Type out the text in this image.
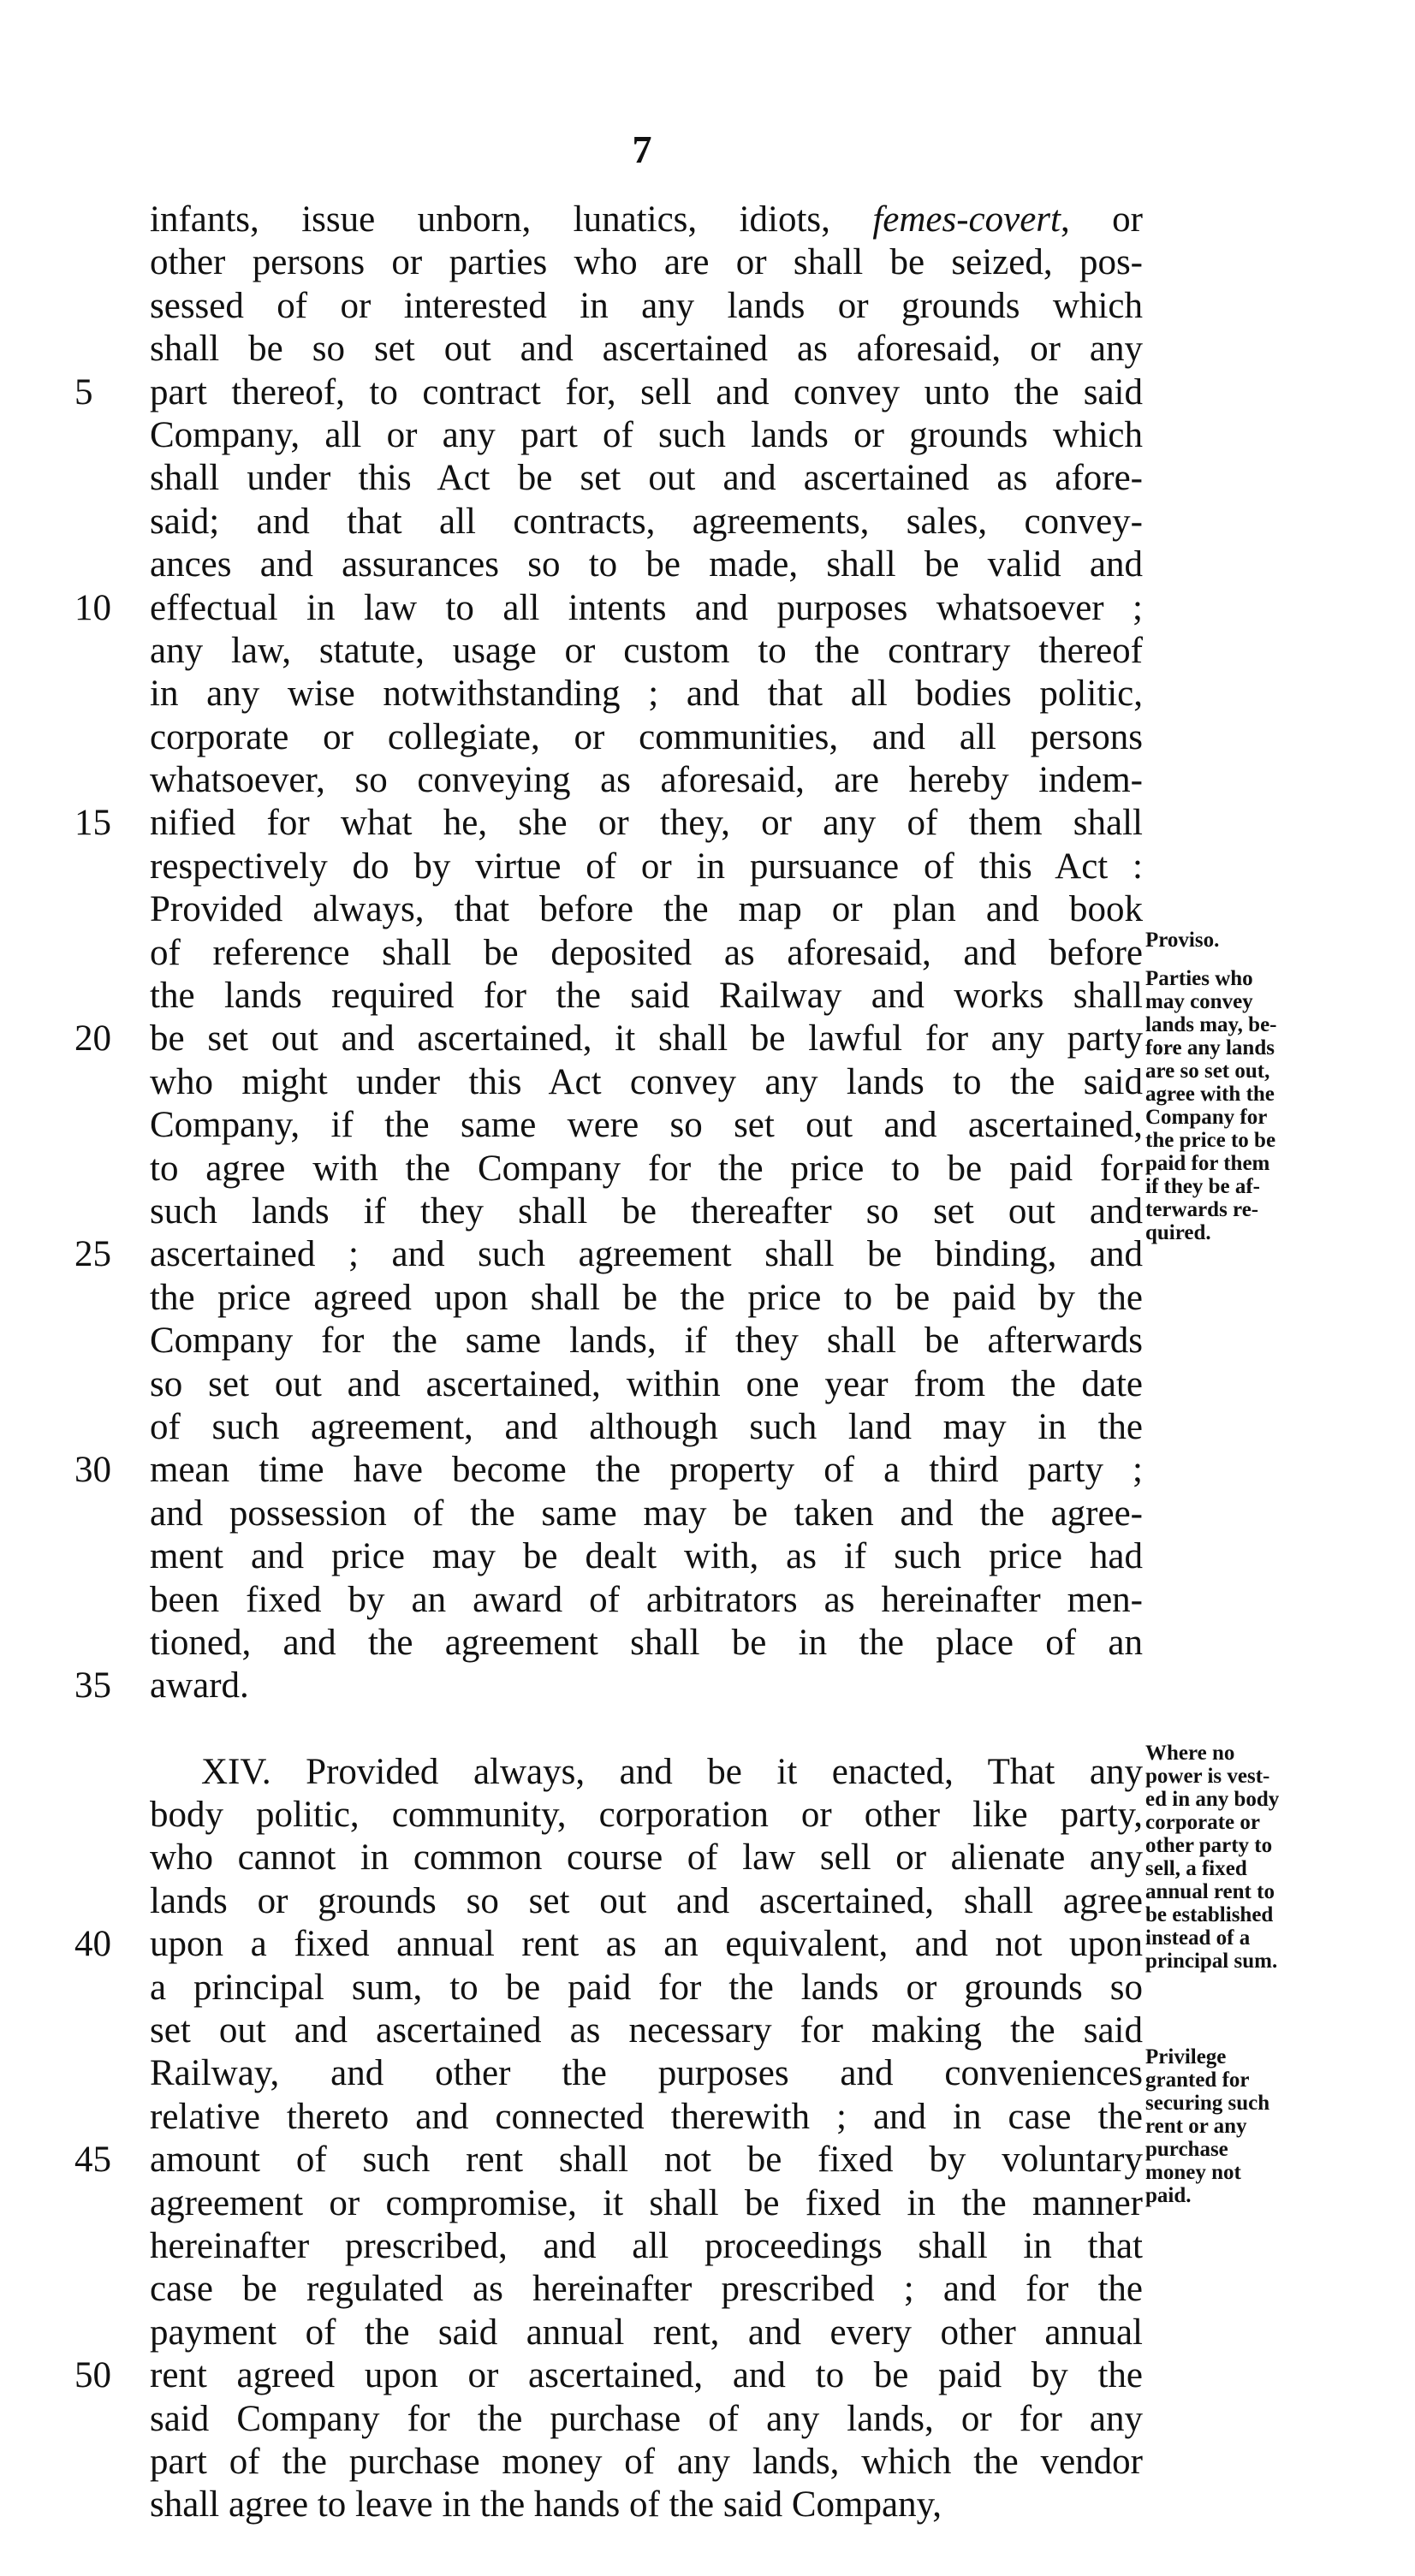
7
infants, issue unborn, lunatics, idiots, femes-covert, or
other persons or parties who are or shall be seized, pos-
sessed of or interested in any lands or grounds which
shall be so set out and ascertained as aforesaid, or any
5	part thereof, to contract for, sell and convey unto the said
Company, all or any part of such lands or grounds which
shall under this Act be set out and ascertained as afore-
said; and that all contracts, agreements, sales, convey-
ances and assurances so to be made, shall be valid and
10	effectual in law to all intents and purposes whatsoever ;
any law, statute, usage or custom to the contrary thereof
in any wise notwithstanding ; and that all bodies politic,
corporate or collegiate, or communities, and all persons
whatsoever, so conveying as aforesaid, are hereby indem-
15	nified for what he, she or they, or any of them shall
respectively do by virtue of or in pursuance of this Act :
Provided always, that before the map or plan and book
of reference shall be deposited as aforesaid, and before
the lands required for the said Railway and works shall
20	be set out and ascertained, it shall be lawful for any party
who might under this Act convey any lands to the said
Company, if the same were so set out and ascertained,
to agree with the Company for the price to be paid for
such lands if they shall be thereafter so set out and
25	ascertained ; and such agreement shall be binding, and
the price agreed upon shall be the price to be paid by the
Company for the same lands, if they shall be afterwards
so set out and ascertained, within one year from the date
of such agreement, and although such land may in the
30	mean time have become the property of a third party ;
and possession of the same may be taken and the agree-
ment and price may be dealt with, as if such price had
been fixed by an award of arbitrators as hereinafter men-
tioned, and the agreement shall be in the place of an
35	award.
XIV. Provided always, and be it enacted, That any
body politic, community, corporation or other like party,
who cannot in common course of law sell or alienate any
lands or grounds so set out and ascertained, shall agree
40	upon a fixed annual rent as an equivalent, and not upon
a principal sum, to be paid for the lands or grounds so
set out and ascertained as necessary for making the said
Railway, and other the purposes and conveniences
relative thereto and connected therewith ; and in case the
45	amount of such rent shall not be fixed by voluntary
agreement or compromise, it shall be fixed in the manner
hereinafter prescribed, and all proceedings shall in that
case be regulated as hereinafter prescribed ; and for the
payment of the said annual rent, and every other annual
50	rent agreed upon or ascertained, and to be paid by the
said Company for the purchase of any lands, or for any
part of the purchase money of any lands, which the vendor
shall agree to leave in the hands of the said Company,
Proviso.
Parties who
may convey
lands may, be-
fore any lands
are so set out,
agree with the
Company for
the price to be
paid for them
if they be af-
terwards re-
quired.
Where no
power is vest-
ed in any body
corporate or
other party to
sell, a fixed
annual rent to
be established
instead of a
principal sum.
Privilege
granted for
securing such
rent or any
purchase
money not
paid.
